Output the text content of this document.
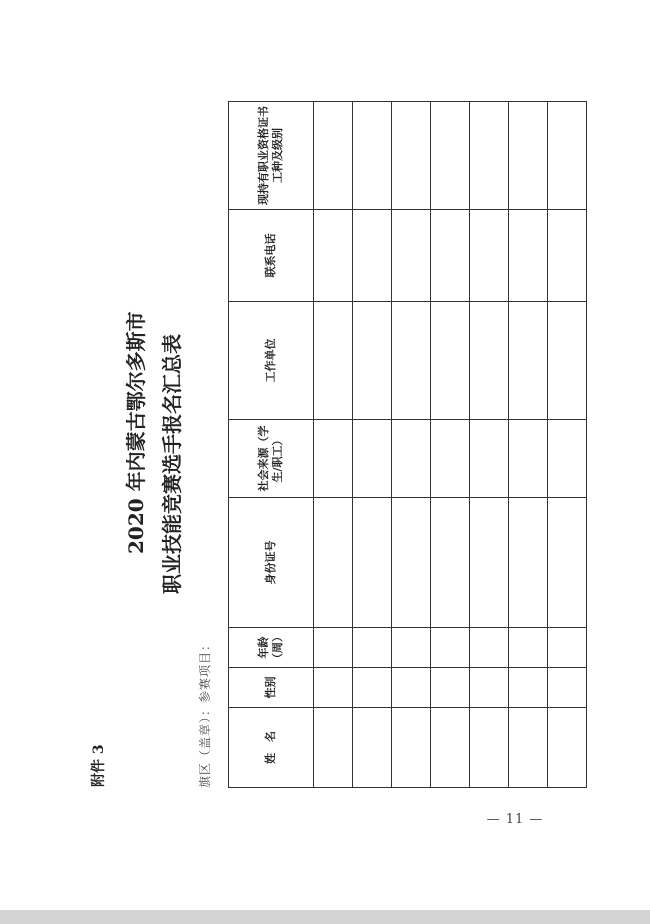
附件 3
2020 年内蒙古鄂尔多斯市 职业技能竞赛选手报名汇总表
旗区（盖章）：参赛项目：	姓　名	性别	年龄（周）	身份证号	社会来源（学生/职工）	工作单位	联系电话	现持有职业资格证书工种及级别

— 11 —
